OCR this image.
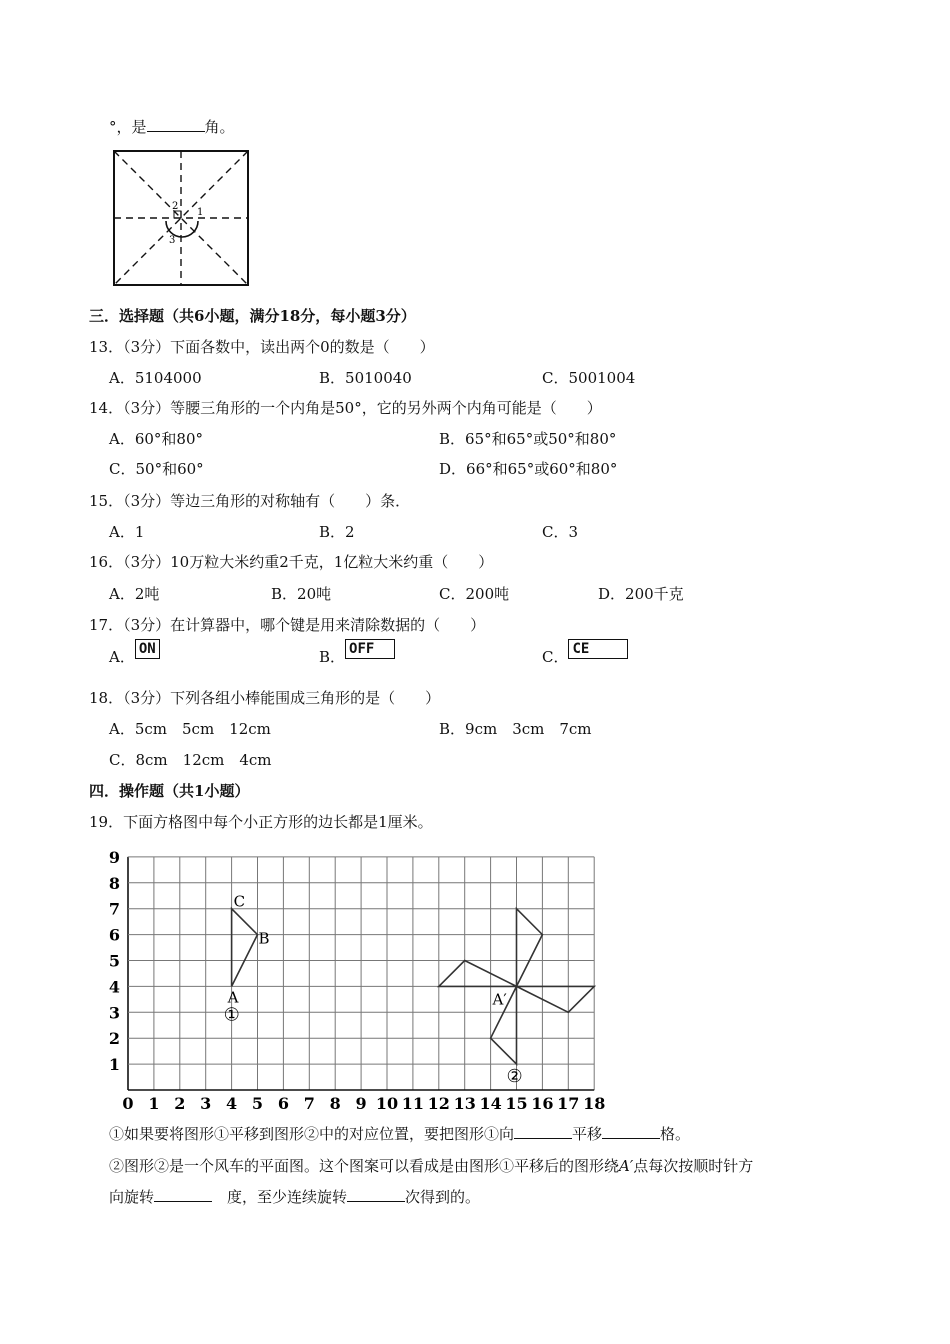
°，是	角。
2
1
3
三．选择题（共6小题，满分18分，每小题3分）
13．（3分）下面各数中，读出两个0的数是（　　）
A．5104000	B．5010040	C．5001004
14．（3分）等腰三角形的一个内角是50°，它的另外两个内角可能是（　　）
A．60°和80°	B．65°和65°或50°和80°
C．50°和60°	D．66°和65°或60°和80°
15．（3分）等边三角形的对称轴有（　　）条．
A．1	B．2	C．3
16．（3分）10万粒大米约重2千克，1亿粒大米约重（　　）
A．2吨	B．20吨	C．200吨	D．200千克
17．（3分）在计算器中，哪个键是用来清除数据的（　　）
A． ON	B． OFF	C． CE
18．（3分）下列各组小棒能围成三角形的是（　　）
A．5cm　5cm　12cm	B．9cm　3cm　7cm
C．8cm　12cm　4cm
四．操作题（共1小题）
19．下面方格图中每个小正方形的边长都是1厘米。
0 1 2 3 4 5 6 7 8 9 10 11 12 13 14 15 16 17 18
1
2
3
4
5
6
7
8
9
A
B
C
A′
①
②
①如果要将图形①平移到图形②中的对应位置，要把图形①向	平移	格。
②图形②是一个风车的平面图。这个图案可以看成是由图形①平移后的图形绕A′点每次按顺时针方
向旋转　	度，至少连续旋转	次得到的。
